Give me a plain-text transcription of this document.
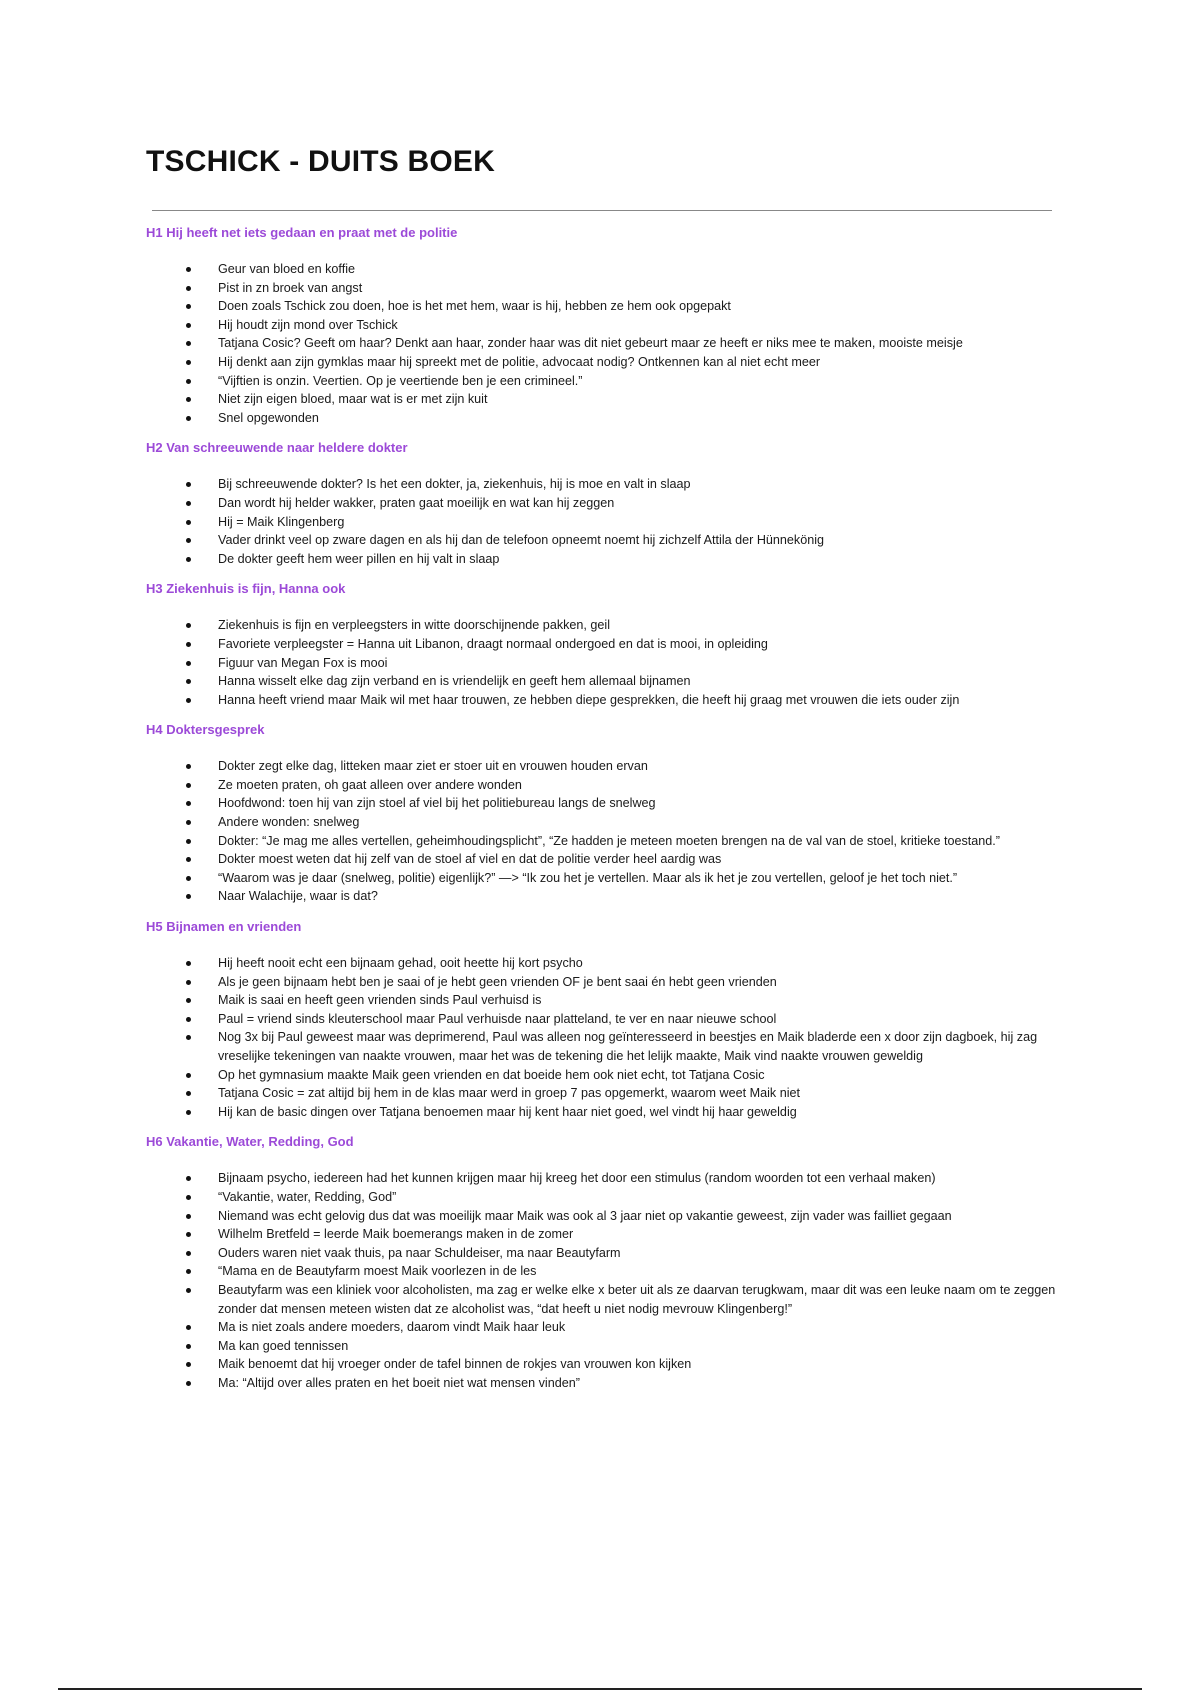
TSCHICK - DUITS BOEK
H1 Hij heeft net iets gedaan en praat met de politie
Geur van bloed en koffie
Pist in zn broek van angst
Doen zoals Tschick zou doen, hoe is het met hem, waar is hij, hebben ze hem ook opgepakt
Hij houdt zijn mond over Tschick
Tatjana Cosic? Geeft om haar? Denkt aan haar, zonder haar was dit niet gebeurt maar ze heeft er niks mee te maken, mooiste meisje
Hij denkt aan zijn gymklas maar hij spreekt met de politie, advocaat nodig? Ontkennen kan al niet echt meer
“Vijftien is onzin. Veertien. Op je veertiende ben je een crimineel.”
Niet zijn eigen bloed, maar wat is er met zijn kuit
Snel opgewonden
H2 Van schreeuwende naar heldere dokter
Bij schreeuwende dokter? Is het een dokter, ja, ziekenhuis, hij is moe en valt in slaap
Dan wordt hij helder wakker, praten gaat moeilijk en wat kan hij zeggen
Hij = Maik Klingenberg
Vader drinkt veel op zware dagen en als hij dan de telefoon opneemt noemt hij zichzelf Attila der Hünnekönig
De dokter geeft hem weer pillen en hij valt in slaap
H3 Ziekenhuis is fijn, Hanna ook
Ziekenhuis is fijn en verpleegsters in witte doorschijnende pakken, geil
Favoriete verpleegster = Hanna uit Libanon, draagt normaal ondergoed en dat is mooi, in opleiding
Figuur van Megan Fox is mooi
Hanna wisselt elke dag zijn verband en is vriendelijk en geeft hem allemaal bijnamen
Hanna heeft vriend maar Maik wil met haar trouwen, ze hebben diepe gesprekken, die heeft hij graag met vrouwen die iets ouder zijn
H4 Doktersgesprek
Dokter zegt elke dag, litteken maar ziet er stoer uit en vrouwen houden ervan
Ze moeten praten, oh gaat alleen over andere wonden
Hoofdwond: toen hij van zijn stoel af viel bij het politiebureau langs de snelweg
Andere wonden: snelweg
Dokter: “Je mag me alles vertellen, geheimhoudingsplicht”, “Ze hadden je meteen moeten brengen na de val van de stoel, kritieke toestand.”
Dokter moest weten dat hij zelf van de stoel af viel en dat de politie verder heel aardig was
“Waarom was je daar (snelweg, politie) eigenlijk?” —> “Ik zou het je vertellen. Maar als ik het je zou vertellen, geloof je het toch niet.”
Naar Walachije, waar is dat?
H5 Bijnamen en vrienden
Hij heeft nooit echt een bijnaam gehad, ooit heette hij kort psycho
Als je geen bijnaam hebt ben je saai of je hebt geen vrienden OF je bent saai én hebt geen vrienden
Maik is saai en heeft geen vrienden sinds Paul verhuisd is
Paul = vriend sinds kleuterschool maar Paul verhuisde naar platteland, te ver en naar nieuwe school
Nog 3x bij Paul geweest maar was deprimerend, Paul was alleen nog geïnteresseerd in beestjes en Maik bladerde een x door zijn dagboek, hij zag vreselijke tekeningen van naakte vrouwen, maar het was de tekening die het lelijk maakte, Maik vind naakte vrouwen geweldig
Op het gymnasium maakte Maik geen vrienden en dat boeide hem ook niet echt, tot Tatjana Cosic
Tatjana Cosic = zat altijd bij hem in de klas maar werd in groep 7 pas opgemerkt, waarom weet Maik niet
Hij kan de basic dingen over Tatjana benoemen maar hij kent haar niet goed, wel vindt hij haar geweldig
H6 Vakantie, Water, Redding, God
Bijnaam psycho, iedereen had het kunnen krijgen maar hij kreeg het door een stimulus (random woorden tot een verhaal maken)
“Vakantie, water, Redding, God”
Niemand was echt gelovig dus dat was moeilijk maar Maik was ook al 3 jaar niet op vakantie geweest, zijn vader was failliet gegaan
Wilhelm Bretfeld = leerde Maik boemerangs maken in de zomer
Ouders waren niet vaak thuis, pa naar Schuldeiser, ma naar Beautyfarm
“Mama en de Beautyfarm moest Maik voorlezen in de les
Beautyfarm was een kliniek voor alcoholisten, ma zag er welke elke x beter uit als ze daarvan terugkwam, maar dit was een leuke naam om te zeggen zonder dat mensen meteen wisten dat ze alcoholist was, “dat heeft u niet nodig mevrouw Klingenberg!”
Ma is niet zoals andere moeders, daarom vindt Maik haar leuk
Ma kan goed tennissen
Maik benoemt dat hij vroeger onder de tafel binnen de rokjes van vrouwen kon kijken
Ma: “Altijd over alles praten en het boeit niet wat mensen vinden”
